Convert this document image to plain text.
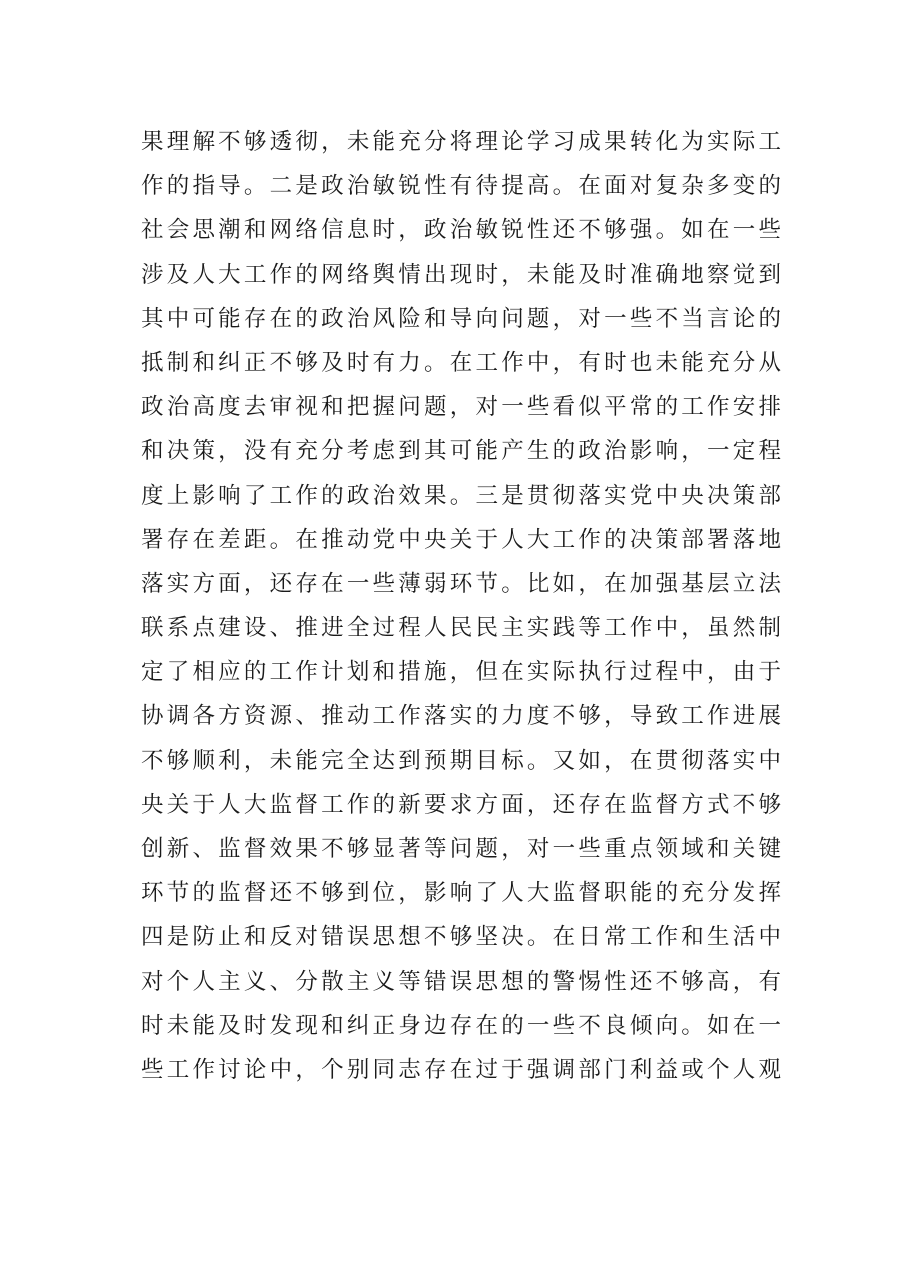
果理解不够透彻，未能充分将理论学习成果转化为实际工
作的指导。二是政治敏锐性有待提高。在面对复杂多变的
社会思潮和网络信息时，政治敏锐性还不够强。如在一些
涉及人大工作的网络舆情出现时，未能及时准确地察觉到
其中可能存在的政治风险和导向问题，对一些不当言论的
抵制和纠正不够及时有力。在工作中，有时也未能充分从
政治高度去审视和把握问题，对一些看似平常的工作安排
和决策，没有充分考虑到其可能产生的政治影响，一定程
度上影响了工作的政治效果。三是贯彻落实党中央决策部
署存在差距。在推动党中央关于人大工作的决策部署落地
落实方面，还存在一些薄弱环节。比如，在加强基层立法
联系点建设、推进全过程人民民主实践等工作中，虽然制
定了相应的工作计划和措施，但在实际执行过程中，由于
协调各方资源、推动工作落实的力度不够，导致工作进展
不够顺利，未能完全达到预期目标。又如，在贯彻落实中
央关于人大监督工作的新要求方面，还存在监督方式不够
创新、监督效果不够显著等问题，对一些重点领域和关键
环节的监督还不够到位，影响了人大监督职能的充分发挥
四是防止和反对错误思想不够坚决。在日常工作和生活中
对个人主义、分散主义等错误思想的警惕性还不够高，有
时未能及时发现和纠正身边存在的一些不良倾向。如在一
些工作讨论中，个别同志存在过于强调部门利益或个人观
